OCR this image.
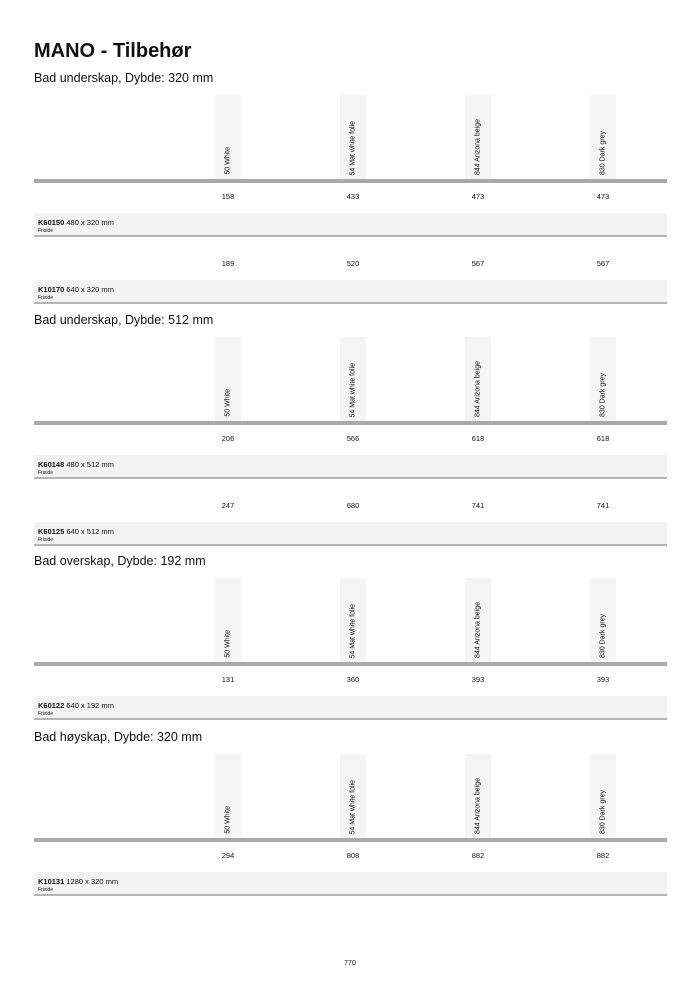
MANO - Tilbehør
Bad underskap, Dybde: 320 mm
50 White	54 Mat white folie	844 Arizona beige	830 Dark grey
158	433	473	473
K60150 480 x 320 mm
Friside
189	520	567	567
K10170 640 x 320 mm
Friside
Bad underskap, Dybde: 512 mm
50 White	54 Mat white folie	844 Arizona beige	830 Dark grey
206	566	618	618
K60148 480 x 512 mm
Friside
247	680	741	741
K60125 640 x 512 mm
Friside
Bad overskap, Dybde: 192 mm
50 White	54 Mat white folie	844 Arizona beige	830 Dark grey
131	360	393	393
K60122 640 x 192 mm
Friside
Bad høyskap, Dybde: 320 mm
50 White	54 Mat white folie	844 Arizona beige	830 Dark grey
294	808	882	882
K10131 1280 x 320 mm
Friside
770
